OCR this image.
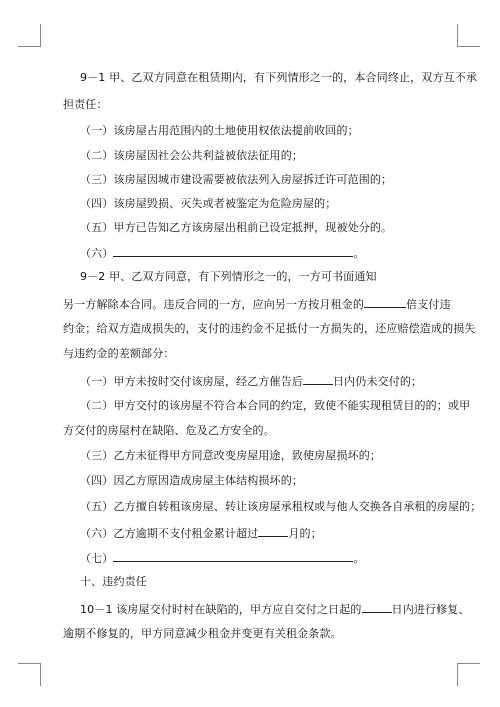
9－1 甲、乙双方同意在租赁期内，有下列情形之一的，本合同终止，双方互不承
担责任：
（一）该房屋占用范围内的土地使用权依法提前收回的；
（二）该房屋因社会公共利益被依法征用的；
（三）该房屋因城市建设需要被依法列入房屋拆迁许可范围的；
（四）该房屋毁损、灭失或者被鉴定为危险房屋的；
（五）甲方已告知乙方该房屋出租前已设定抵押，现被处分的。
（六）	。
9－2 甲、乙双方同意，有下列情形之一的，一方可书面通知
另一方解除本合同。违反合同的一方，应向另一方按月租金的	倍支付违
约金；给双方造成损失的，支付的违约金不足抵付一方损失的，还应赔偿造成的损失
与违约金的差额部分：
（一）甲方未按时交付该房屋，经乙方催告后	日内仍未交付的；
（二）甲方交付的该房屋不符合本合同的约定，致使不能实现租赁目的的；或甲
方交付的房屋村在缺陷、危及乙方安全的。
（三）乙方未征得甲方同意改变房屋用途，致使房屋损坏的；
（四）因乙方原因造成房屋主体结构损坏的；
（五）乙方擅自转租该房屋、转让该房屋承租权或与他人交换各自承租的房屋的；
（六）乙方逾期不支付租金累计超过	月的；
（七）	。
十、违约责任
10－1 该房屋交付时村在缺陷的，甲方应自交付之日起的	日内进行修复、
逾期不修复的，甲方同意减少租金并变更有关租金条款。
